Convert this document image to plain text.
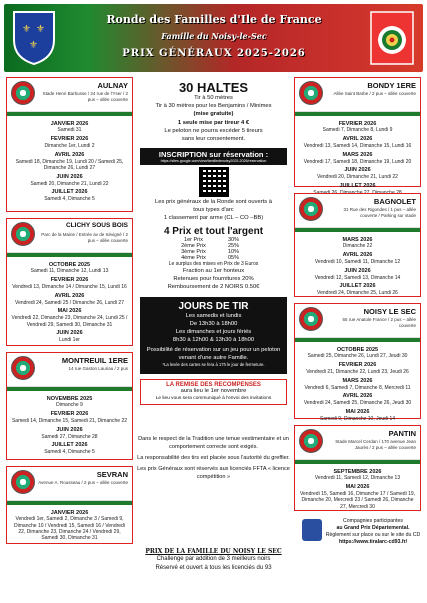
⚜ ⚜
⚜
Ronde des Familles d'Ile de France
Famille du Noisy-le-Sec
PRIX GÉNÉRAUX 2025-2026
AULNAY
Stade Henri Barbusse / 24 rue de l'Yser / 2 pus – allée couverte
JANVIER 2026
Samedi 31
FEVRIER 2026
Dimanche 1er, Lundi 2
AVRIL 2026
Samedi 18, Dimanche 19, Lundi 20 / Samedi 25, Dimanche 26, Lundi 27
JUIN 2026
Samedi 20, Dimanche 21, Lundi 22
JUILLET 2026
Samedi 4, Dimanche 5
CLICHY SOUS BOIS
Parc de la Mairie / Entrée av de Sévigné / 2 pus – allée couverte
OCTOBRE 2025
Samedi 11, Dimanche 12, Lundi 13
FEVRIER 2026
Vendredi 13, Dimanche 14 / Dimanche 15, Lundi 16
AVRIL 2026
Vendredi 24, Samedi 25 / Dimanche 26, Lundi 27
MAI 2026
Vendredi 22, Dimanche 23, Dimanche 24, Lundi 25 / Vendredi 29, Samedi 30, Dimanche 31
JUIN 2026
Lundi 1er
MONTREUIL 1ERE
14 rue Gaston Lauriau / 2 pus
NOVEMBRE 2025
Dimanche 9
FEVRIER 2026
Samedi 14, Dimanche 15, Samedi 21, Dimanche 22
JUIN 2026
Samedi 27, Dimanche 28
JUILLET 2026
Samedi 4, Dimanche 5
SEVRAN
Avenue A. Rousseau / 2 pus – allée couverte
JANVIER 2026
Vendredi 1er, Samedi 2, Dimanche 3 / Samedi 9, Dimanche 10 / Vendredi 15, Samedi 16 / Vendredi 22, Dimanche 23, Dimanche 24 / Vendredi 29, Samedi 30, Dimanche 31
BONDY 1ERE
Allée Saint Barbe / 2 pus – allée couverte
FEVRIER 2026
Samedi 7, Dimanche 8, Lundi 9
AVRIL 2026
Vendredi 13, Samedi 14, Dimanche 15, Lundi 16
MARS 2026
Vendredi 17, Samedi 18, Dimanche 19, Lundi 20
JUIN 2026
Vendredi 20, Dimanche 21, Lundi 22
JUILLET 2026
BAGNOLET
31 Rue des Rigondes / 1 pus – allée couverte / Parking sur stade
MARS 2026
Dimanche 22
AVRIL 2026
Vendredi 10, Samedi 11, Dimanche 12
JUIN 2026
Vendredi 12, Samedi 13, Dimanche 14
JUILLET 2026
Vendredi 24, Dimanche 25, Lundi 26
NOISY LE SEC
65 rue Anatole France / 2 pus – allée couverte
OCTOBRE 2025
Samedi 25, Dimanche 26, Lundi 27, Jeudi 30
FEVRIER 2026
Vendredi 21, Dimanche 22, Lundi 23, Jeudi 26
MARS 2026
Vendredi 6, Samedi 7, Dimanche 8, Mercredi 11
AVRIL 2026
Vendredi 24, Samedi 25, Dimanche 26, Jeudi 30
MAI 2026
Samedi 9, Dimanche 10, Jeudi 14
PANTIN
Stade Marcel Cerdan / 170 avenue Jean Jaurès / 2 pus – allée couverte
SEPTEMBRE 2026
Vendredi 11, Samedi 12, Dimanche 13
MAI 2026
Vendredi 15, Samedi 16, Dimanche 17 / Samedi 19, Dimanche 20, Mercredi 23 / Samedi 26, Dimanche 27, Mercredi 30
30 HALTES
Tir à 50 mètres
Tir à 30 mètres pour les Benjamins / Minimes
(mise gratuite)
1 seule mise par tireur 4 €
Le peloton ne pourra excéder 5 tireurs
sans leur consentement.
INSCRIPTION sur réservation :
https://sites.google.com/view/familledenoisy2025-2026/reservation
Les prix généraux de la Ronde sont ouverts à
tous types d'arc
1 classement par arme (CL – CO –BB)
4 Prix et tout l'argent
1er Prix	30%
2ème Prix	25%
3ème Prix	10%
4ème Prix	05%
Le surplus des mises en Prix de 3 Euros
Fraction au 1er honteux
Retenues pour fournitures 20%
Remboursement de 2 NOIRS 0.50€
JOURS DE TIR
Les samedis et lundis
De 13h30 à 18h00
Les dimanches et jours fériés
8h30 à 12h00 & 13h30 à 18h00
Possibilité de réservation sur un jeu pour un peloton venant d'une autre Famille.
*La levée des cartes se fera à 17h le jour de fermeture.
LA REMISE DES RECOMPENSES
aura lieu le 1er novembre
Le lieu vous sera communiqué à l'envoi des invitations
Dans le respect de la Tradition une tenue vestimentaire et un comportement correcte sont exigés.
La responsabilité des tirs est placée sous l'autorité du greffier.
Les prix Généraux sont réservés aux licenciés FFTA « licence compétition »
PRIX DE LA FAMILLE DU NOISY LE SEC
Challenge par addition de 3 meilleurs noirs
Réservé et ouvert à tous les licenciés du 93
Compagnies participantes
au Grand Prix Départemental.
Règlement sur place ou sur le site du CD
https://www.tiralarc-cd93.fr/
